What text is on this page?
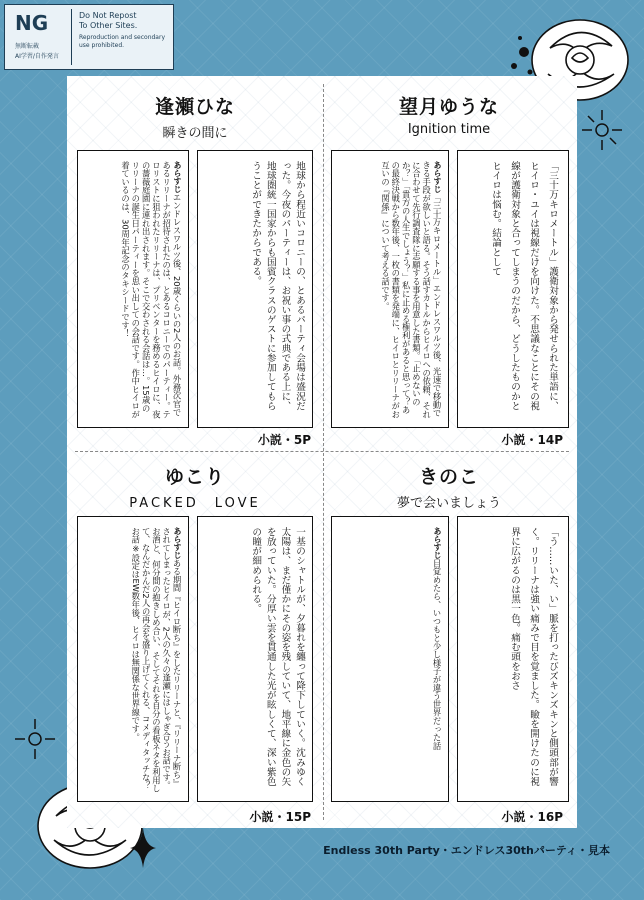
NG
無断転載
AI学習/自作発言
Do Not Repost
To Other Sites.
Reproduction and secondary use prohibited.
逢瀬ひな
瞬きの間に
あらすじエンドレスワルツ後、20歳くらいの2人のお話。外務次官であるリリーナが招待されたのは、とあるコロニーでのパーティー。テロリストに狙われたリリーナは、プリベンターを務めるヒイロに、夜の薔薇庭園に連れ出されます。そこで交わされる会話は…。15歳のリリーナの誕生日パーティーを思い出しての会話です。作中ヒイロが着ているのは、30周年記念のタキシードです！	地球から程近いコロニーの、とあるパーティ会場は盛況だった。今夜のパーティーは、お祝い事の式典である上に、地球圏統一国家からも国賓クラスのゲストに参加してもらうことができたからである。
小説・5P
望月ゆうな
Ignition time
あらすじ「三十万キロメートル」エンドレスワルツ後、光速で移動できる手段が欲しいと語る。そう話すカトルからヒイロへの依頼、それに合わせて先行調査隊に志願する事を用意した書類。「止めないのか？」「貴方の人生でしょう？」私に止める権利があると思って？あの最終決戦から数年後、一枚の書類を発端に、ヒイロとリリーナがお互いの『関係』について考える話です。	「三十万キロメートル」護衛対象から発せられた単語に、ヒイロ・ユイは視線だけを向けた。不思議なことにその視線が護衛対象と合ってしまうのだから、どうしたものかとヒイロは悩む。結論として
小説・14P
ゆこり
PACKED　LOVE
あらすじある期間『ヒイロ断ち』をしたリリーナと、『リリーナ断ち』されてしまったヒイロが、2人の久々の逢瀬にはしゃぎ合うお話です。お酒と、何分間の抱きしめ合い、そしてそれを自分の看板ネタを利用して、なんだかんだ2人の再会を盛り上げてくれる、コメディタッチな？お話※設定はEW数年後、ヒイロは無関係な世界線です。	一基のシャトルが、夕暮れを纏って降下していく。沈みゆく太陽は、まだ僅かにその姿を残していて、地平線に金色の矢を放っていた。分厚い雲を貫通した光が眩しくて、深い紫色の瞳が細められる。
小説・15P
きのこ
夢で会いましょう
あらすじ目覚めたら、いつもと少し様子が違う世界だった話	「う……いた、い」脈を打ったびズキンズキンと側頭部が響く。リリーナは強い痛みで目を覚ました。瞼を開けたのに視界に広がるのは黒一色。痛む頭をおさ
小説・16P
Endless 30th Party・エンドレス30thパーティ・見本
